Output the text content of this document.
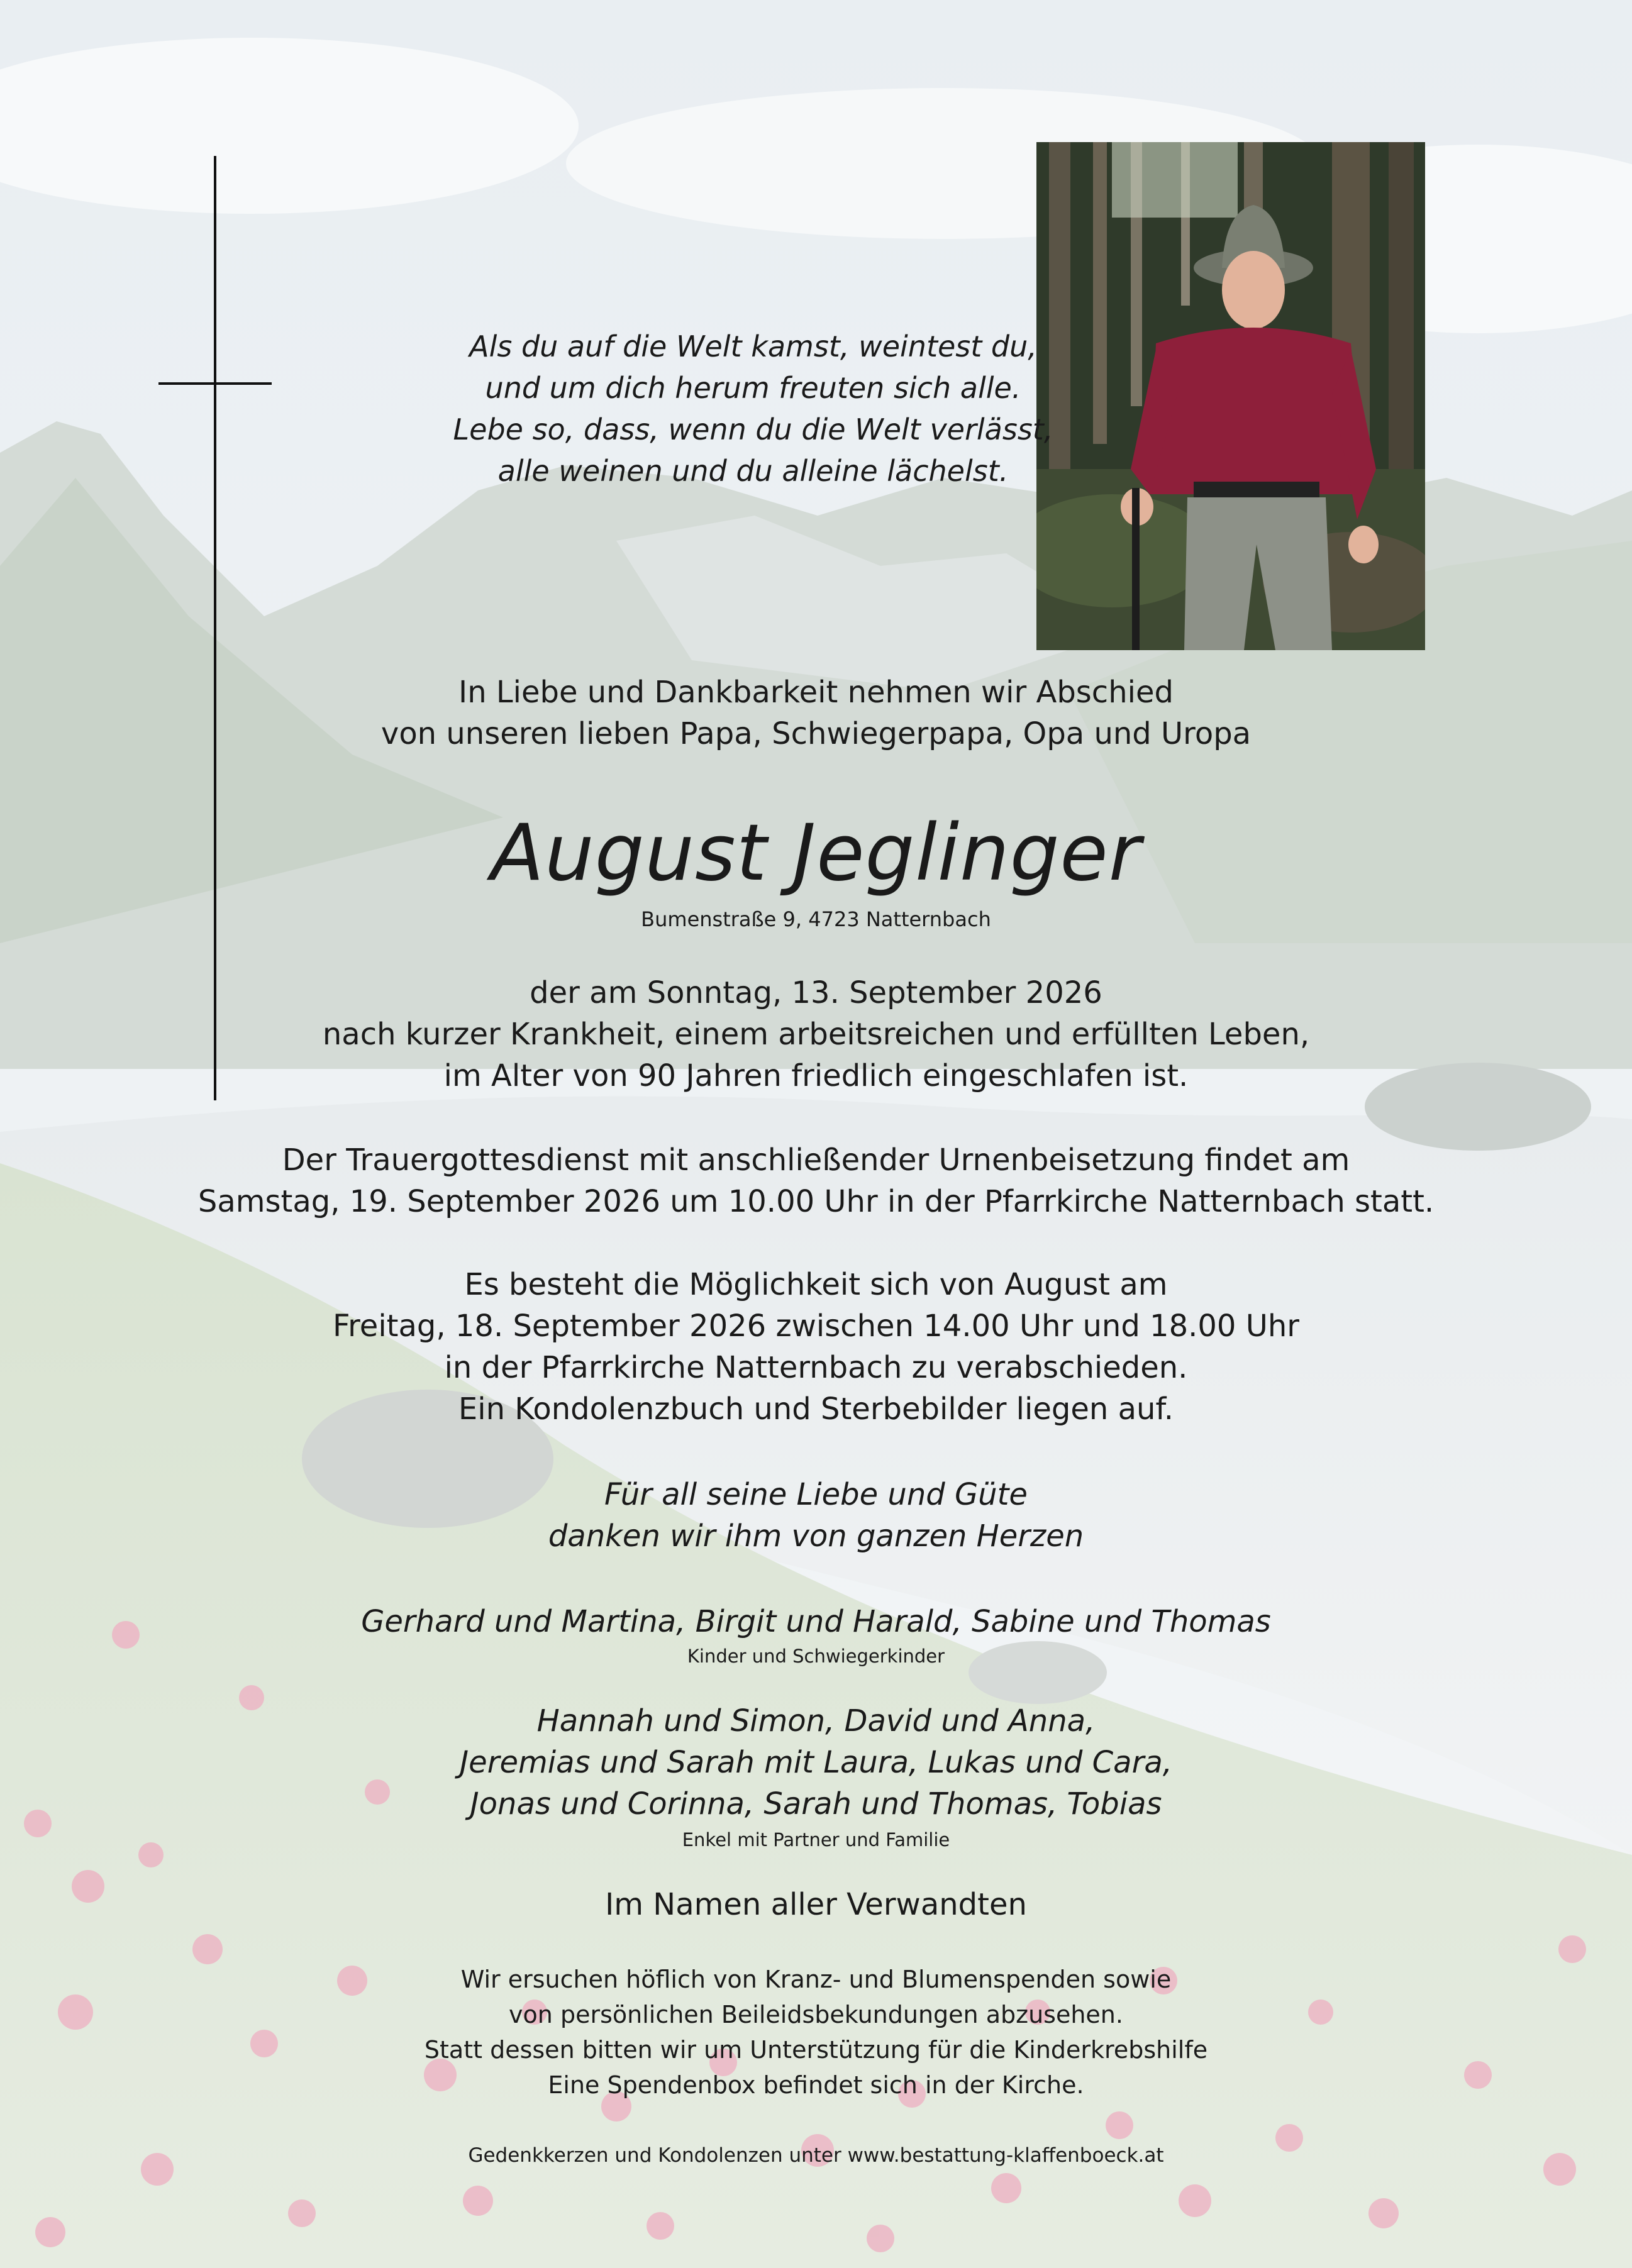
Als du auf die Welt kamst, weintest du,
und um dich herum freuten sich alle.
Lebe so, dass, wenn du die Welt verlässt,
alle weinen und du alleine lächelst.
In Liebe und Dankbarkeit nehmen wir Abschied
von unseren lieben Papa, Schwiegerpapa, Opa und Uropa
August Jeglinger
Bumenstraße 9, 4723 Natternbach
der am Sonntag, 13. September 2026
nach kurzer Krankheit, einem arbeitsreichen und erfüllten Leben,
im Alter von 90 Jahren friedlich eingeschlafen ist.
Der Trauergottesdienst mit anschließender Urnenbeisetzung findet am
Samstag, 19. September 2026 um 10.00 Uhr in der Pfarrkirche Natternbach statt.
Es besteht die Möglichkeit sich von August am
Freitag, 18. September 2026 zwischen 14.00 Uhr und 18.00 Uhr
in der Pfarrkirche Natternbach zu verabschieden.
Ein Kondolenzbuch und Sterbebilder liegen auf.
Für all seine Liebe und Güte
danken wir ihm von ganzen Herzen
Gerhard und Martina, Birgit und Harald, Sabine und Thomas
Kinder und Schwiegerkinder
Hannah und Simon, David und Anna,
Jeremias und Sarah mit Laura, Lukas und Cara,
Jonas und Corinna, Sarah und Thomas, Tobias
Enkel mit Partner und Familie
Im Namen aller Verwandten
Wir ersuchen höflich von Kranz- und Blumenspenden sowie
von persönlichen Beileidsbekundungen abzusehen.
Statt dessen bitten wir um Unterstützung für die Kinderkrebshilfe
Eine Spendenbox befindet sich in der Kirche.
Gedenkkerzen und Kondolenzen unter www.bestattung-klaffenboeck.at
